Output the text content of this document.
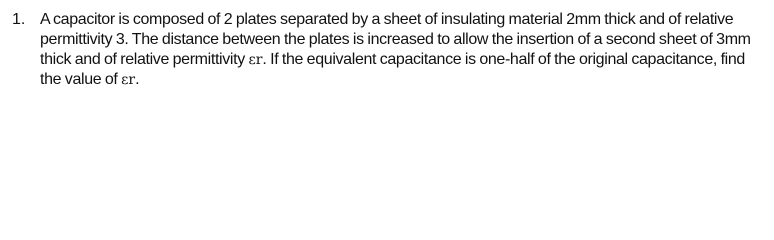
1. A capacitor is composed of 2 plates separated by a sheet of insulating material 2mm thick and of relative
permittivity 3. The distance between the plates is increased to allow the insertion of a second sheet of 3mm
thick and of relative permittivity εr. If the equivalent capacitance is one-half of the original capacitance, find
the value of εr.
